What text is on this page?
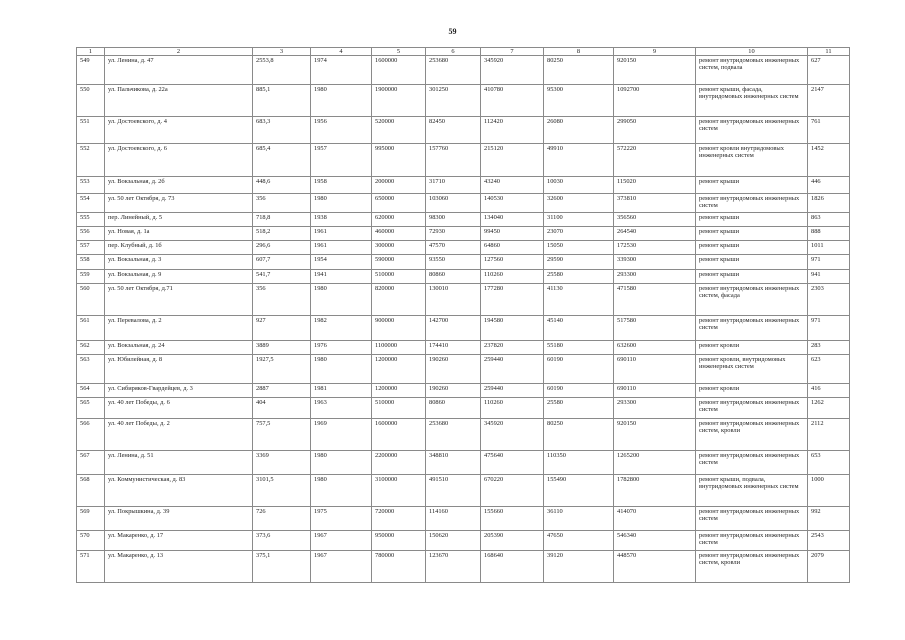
59
1	2	3	4	5	6	7	8	9	10	11
549	ул. Ленина, д. 47	2553,8	1974	1600000	253680	345920	80250	920150	ремонт внутридомовых инженерных систем, подвала	627
550	ул. Пальчикова, д. 22а	885,1	1980	1900000	301250	410780	95300	1092700	ремонт крыши, фасада, внутридомовых инженерных систем	2147
551	ул. Достоевского, д. 4	683,3	1956	520000	82450	112420	26080	299050	ремонт внутридомовых инженерных систем	761
552	ул. Достоевского, д. 6	685,4	1957	995000	157760	215120	49910	572220	ремонт кровли внутридомовых инженерных систем	1452
553	ул. Вокзальная, д. 2б	448,6	1958	200000	31710	43240	10030	115020	ремонт крыши	446
554	ул. 50 лет Октября, д. 73	356	1980	650000	103060	140530	32600	373810	ремонт внутридомовых инженерных систем	1826
555	пер. Линейный, д. 5	718,8	1938	620000	98300	134040	31100	356560	ремонт крыши	863
556	ул. Новая, д. 1а	518,2	1961	460000	72930	99450	23070	264540	ремонт крыши	888
557	пер. Клубный, д. 1б	296,6	1961	300000	47570	64860	15050	172530	ремонт крыши	1011
558	ул. Вокзальная, д. 3	607,7	1954	590000	93550	127560	29590	339300	ремонт крыши	971
559	ул. Вокзальная, д. 9	541,7	1941	510000	80860	110260	25580	293300	ремонт крыши	941
560	ул. 50 лет Октября, д.71	356	1980	820000	130010	177280	41130	471580	ремонт внутридомовых инженерных систем, фасада	2303
561	ул. Перевалова, д. 2	927	1982	900000	142700	194580	45140	517580	ремонт внутридомовых инженерных систем	971
562	ул. Вокзальная, д. 24	3889	1976	1100000	174410	237820	55180	632600	ремонт кровли	283
563	ул. Юбилейная, д. 8	1927,5	1980	1200000	190260	259440	60190	690110	ремонт кровли, внутридомовых инженерных систем	623
564	ул. Сибиряков-Гвардейцев, д. 3	2887	1981	1200000	190260	259440	60190	690110	ремонт кровли	416
565	ул. 40 лет Победы, д. 6	404	1963	510000	80860	110260	25580	293300	ремонт внутридомовых инженерных систем	1262
566	ул. 40 лет Победы, д. 2	757,5	1969	1600000	253680	345920	80250	920150	ремонт внутридомовых инженерных систем, кровли	2112
567	ул. Ленина, д. 51	3369	1980	2200000	348810	475640	110350	1265200	ремонт внутридомовых инженерных систем	653
568	ул. Коммунистическая, д. 83	3101,5	1980	3100000	491510	670220	155490	1782800	ремонт крыши, подвала, внутридомовых инженерных систем	1000
569	ул. Покрышкина, д. 39	726	1975	720000	114160	155660	36110	414070	ремонт внутридомовых инженерных систем	992
570	ул. Макаренко, д. 17	373,6	1967	950000	150620	205390	47650	546340	ремонт внутридомовых инженерных систем	2543
571	ул. Макаренко, д. 13	375,1	1967	780000	123670	168640	39120	448570	ремонт внутридомовых инженерных систем, кровли	2079
